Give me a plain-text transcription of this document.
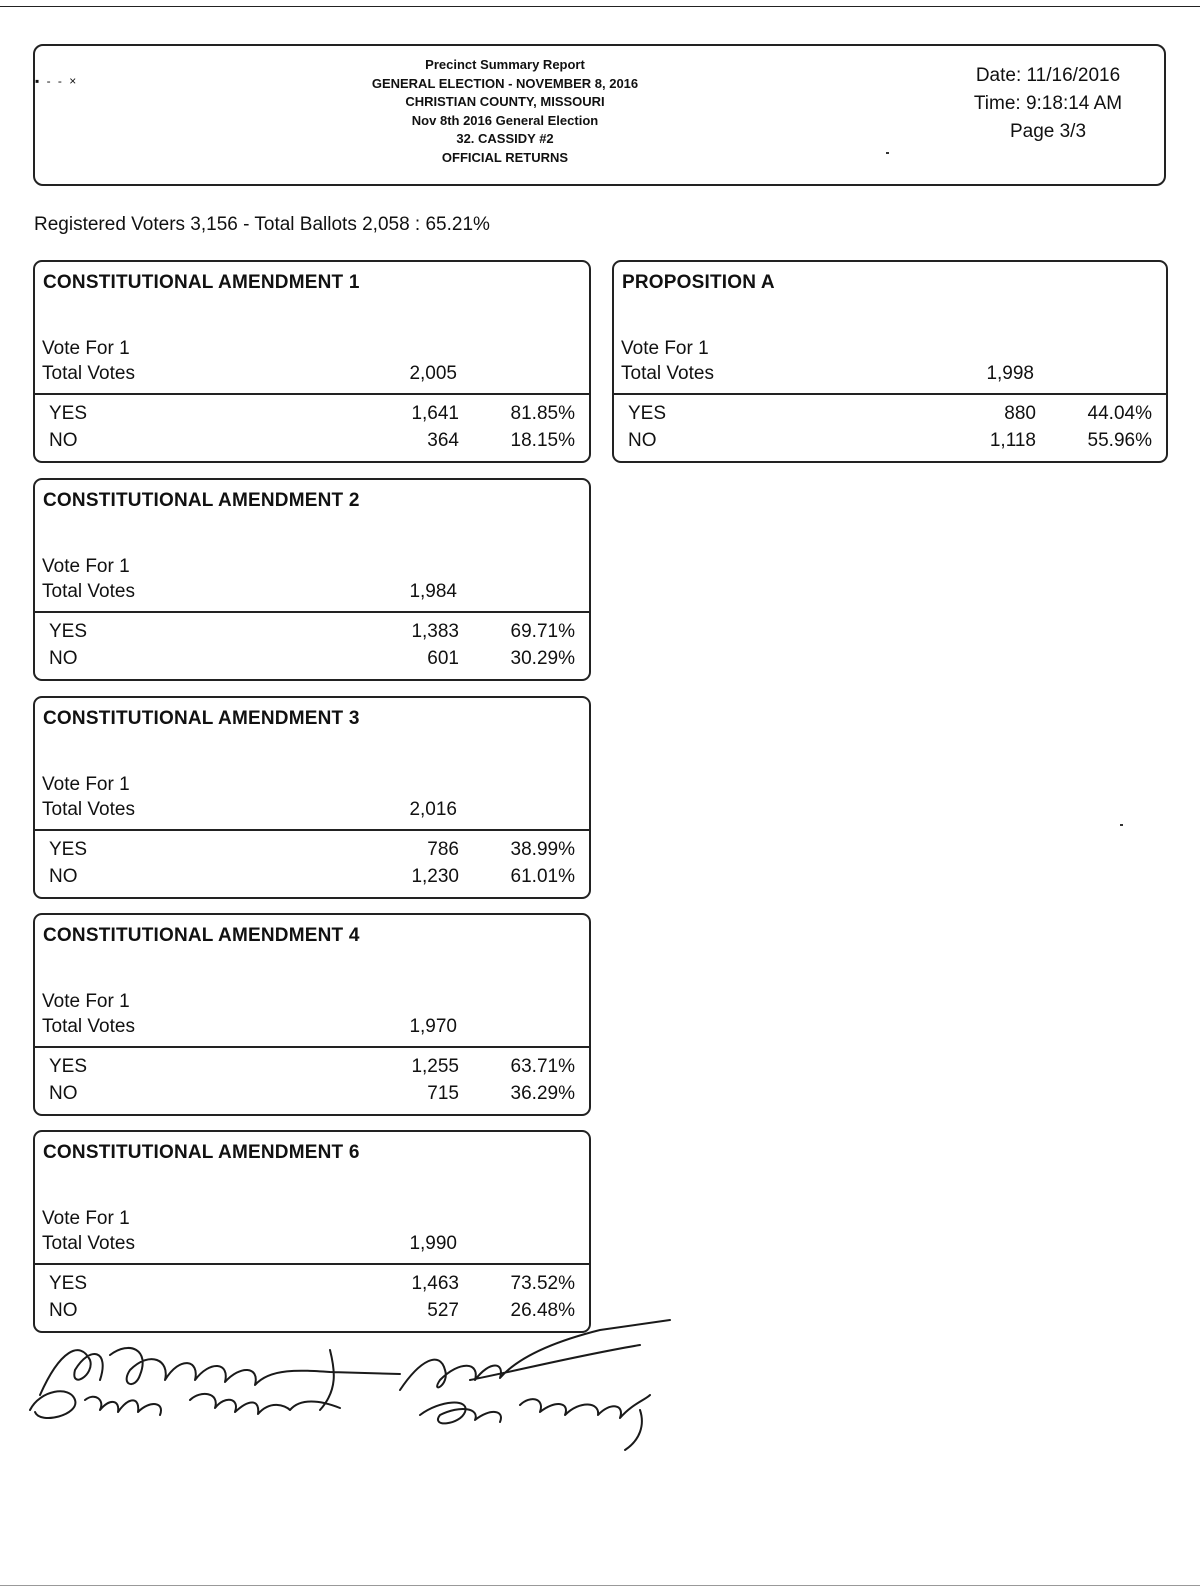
▪ ‐ ‐ ×
Precinct Summary Report
GENERAL ELECTION - NOVEMBER 8, 2016
CHRISTIAN COUNTY, MISSOURI
Nov 8th 2016 General Election
32. CASSIDY #2
OFFICIAL RETURNS
Date: 11/16/2016
Time: 9:18:14 AM
Page 3/3
Registered Voters 3,156 - Total Ballots 2,058 : 65.21%
CONSTITUTIONAL AMENDMENT 1
Vote For 1
Total Votes	2,005
YES	1,641	81.85%
NO	364	18.15%
PROPOSITION A
Vote For 1
Total Votes	1,998
YES	880	44.04%
NO	1,118	55.96%
CONSTITUTIONAL AMENDMENT 2
Vote For 1
Total Votes	1,984
YES	1,383	69.71%
NO	601	30.29%
CONSTITUTIONAL AMENDMENT 3
Vote For 1
Total Votes	2,016
YES	786	38.99%
NO	1,230	61.01%
CONSTITUTIONAL AMENDMENT 4
Vote For 1
Total Votes	1,970
YES	1,255	63.71%
NO	715	36.29%
CONSTITUTIONAL AMENDMENT 6
Vote For 1
Total Votes	1,990
YES	1,463	73.52%
NO	527	26.48%
